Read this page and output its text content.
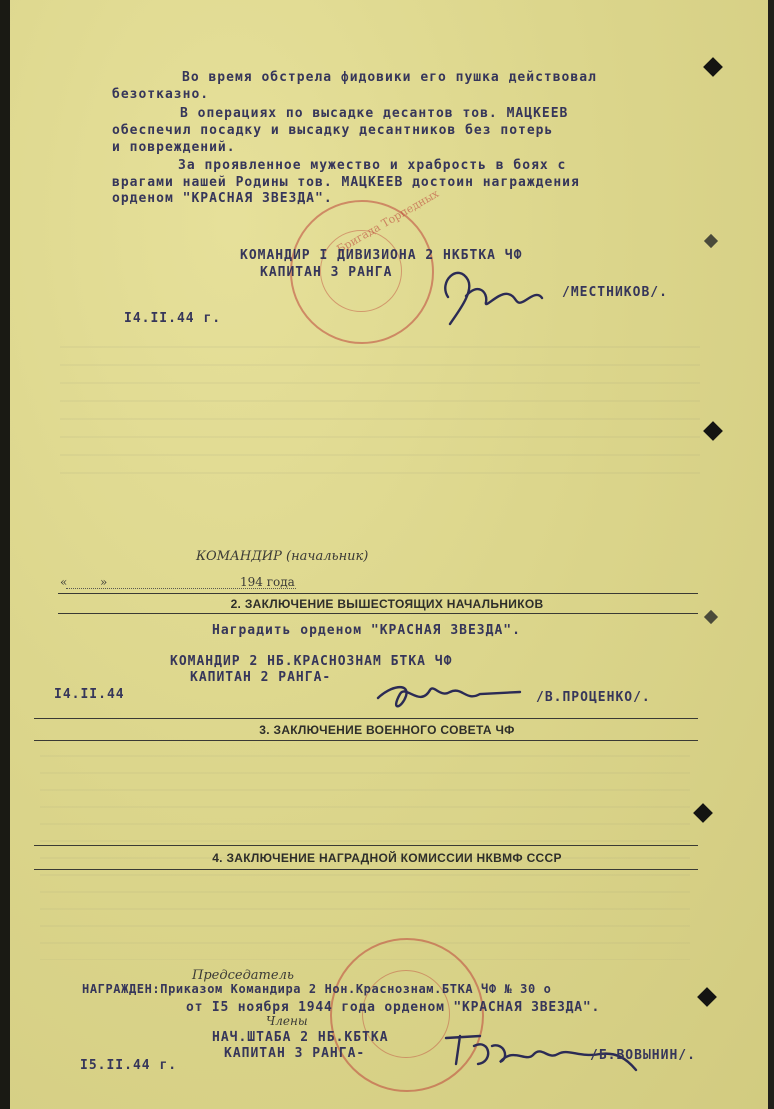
Во время обстрела фидовики его пушка действовал
безотказно.
В операциях по высадке десантов тов. МАЦКЕЕВ
обеспечил посадку и высадку десантников без потерь
и повреждений.
За проявленное мужество и храбрость в боях с
врагами нашей Родины тов. МАЦКЕЕВ достоин награждения
орденом "КРАСНАЯ ЗВЕЗДА". Бригада Торпедных
КОМАНДИР I ДИВИЗИОНА 2 НКБТКА ЧФ
КАПИТАН 3 РАНГА
/МЕСТНИКОВ/.
I4.II.44 г.
КОМАНДИР (начальник)
«	»	194 года
2. ЗАКЛЮЧЕНИЕ ВЫШЕСТОЯЩИХ НАЧАЛЬНИКОВ
Наградить орденом "КРАСНАЯ ЗВЕЗДА".
КОМАНДИР 2 НБ.КРАСНОЗНАМ БТКА ЧФ
КАПИТАН 2 РАНГА-
/В.ПРОЦЕНКО/.
I4.II.44
3. ЗАКЛЮЧЕНИЕ ВОЕННОГО СОВЕТА ЧФ
4. ЗАКЛЮЧЕНИЕ НАГРАДНОЙ КОМИССИИ НКВМФ СССР
Председатель
НАГРАЖДЕН:Приказом Командира 2 Нон.Краснознам.БТКА ЧФ № 30 о
от I5 ноября 1944 года орденом "КРАСНАЯ ЗВЕЗДА".
Члены
НАЧ.ШТАБА 2 НБ.КБТКА
КАПИТАН 3 РАНГА-	/Б.ВОВЫНИН/.
I5.II.44 г.
